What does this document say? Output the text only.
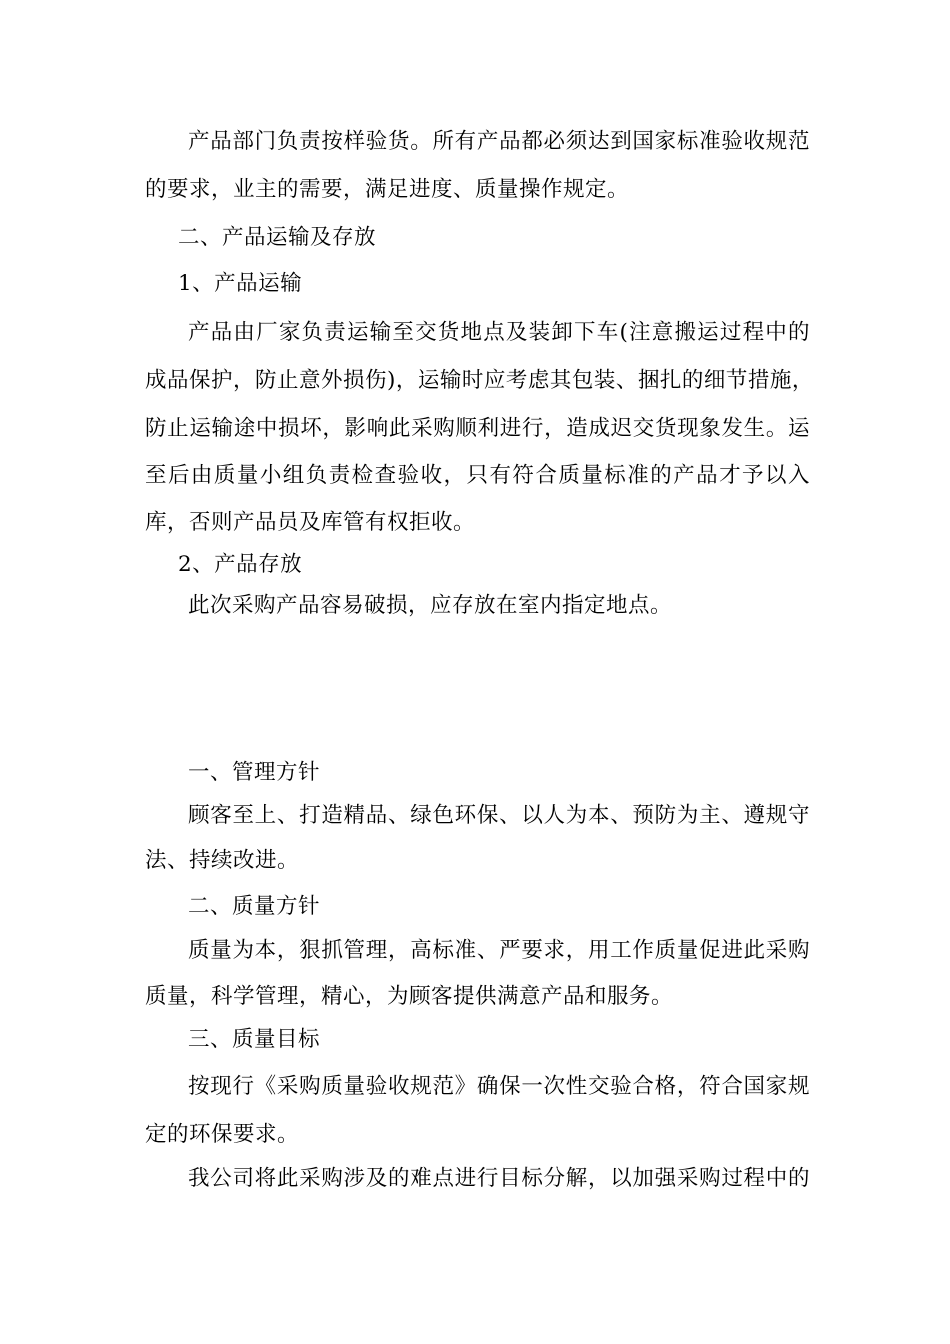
产品部门负责按样验货。所有产品都必须达到国家标准验收规范
的要求，业主的需要，满足进度、质量操作规定。
二、产品运输及存放
1、产品运输
产品由厂家负责运输至交货地点及装卸下车(注意搬运过程中的
成品保护，防止意外损伤)，运输时应考虑其包装、捆扎的细节措施，
防止运输途中损坏，影响此采购顺利进行，造成迟交货现象发生。运
至后由质量小组负责检查验收，只有符合质量标准的产品才予以入
库，否则产品员及库管有权拒收。
2、产品存放
此次采购产品容易破损，应存放在室内指定地点。
一、管理方针
顾客至上、打造精品、绿色环保、以人为本、预防为主、遵规守
法、持续改进。
二、质量方针
质量为本，狠抓管理，高标准、严要求，用工作质量促进此采购
质量，科学管理，精心，为顾客提供满意产品和服务。
三、质量目标
按现行《采购质量验收规范》确保一次性交验合格，符合国家规
定的环保要求。
我公司将此采购涉及的难点进行目标分解，以加强采购过程中的
